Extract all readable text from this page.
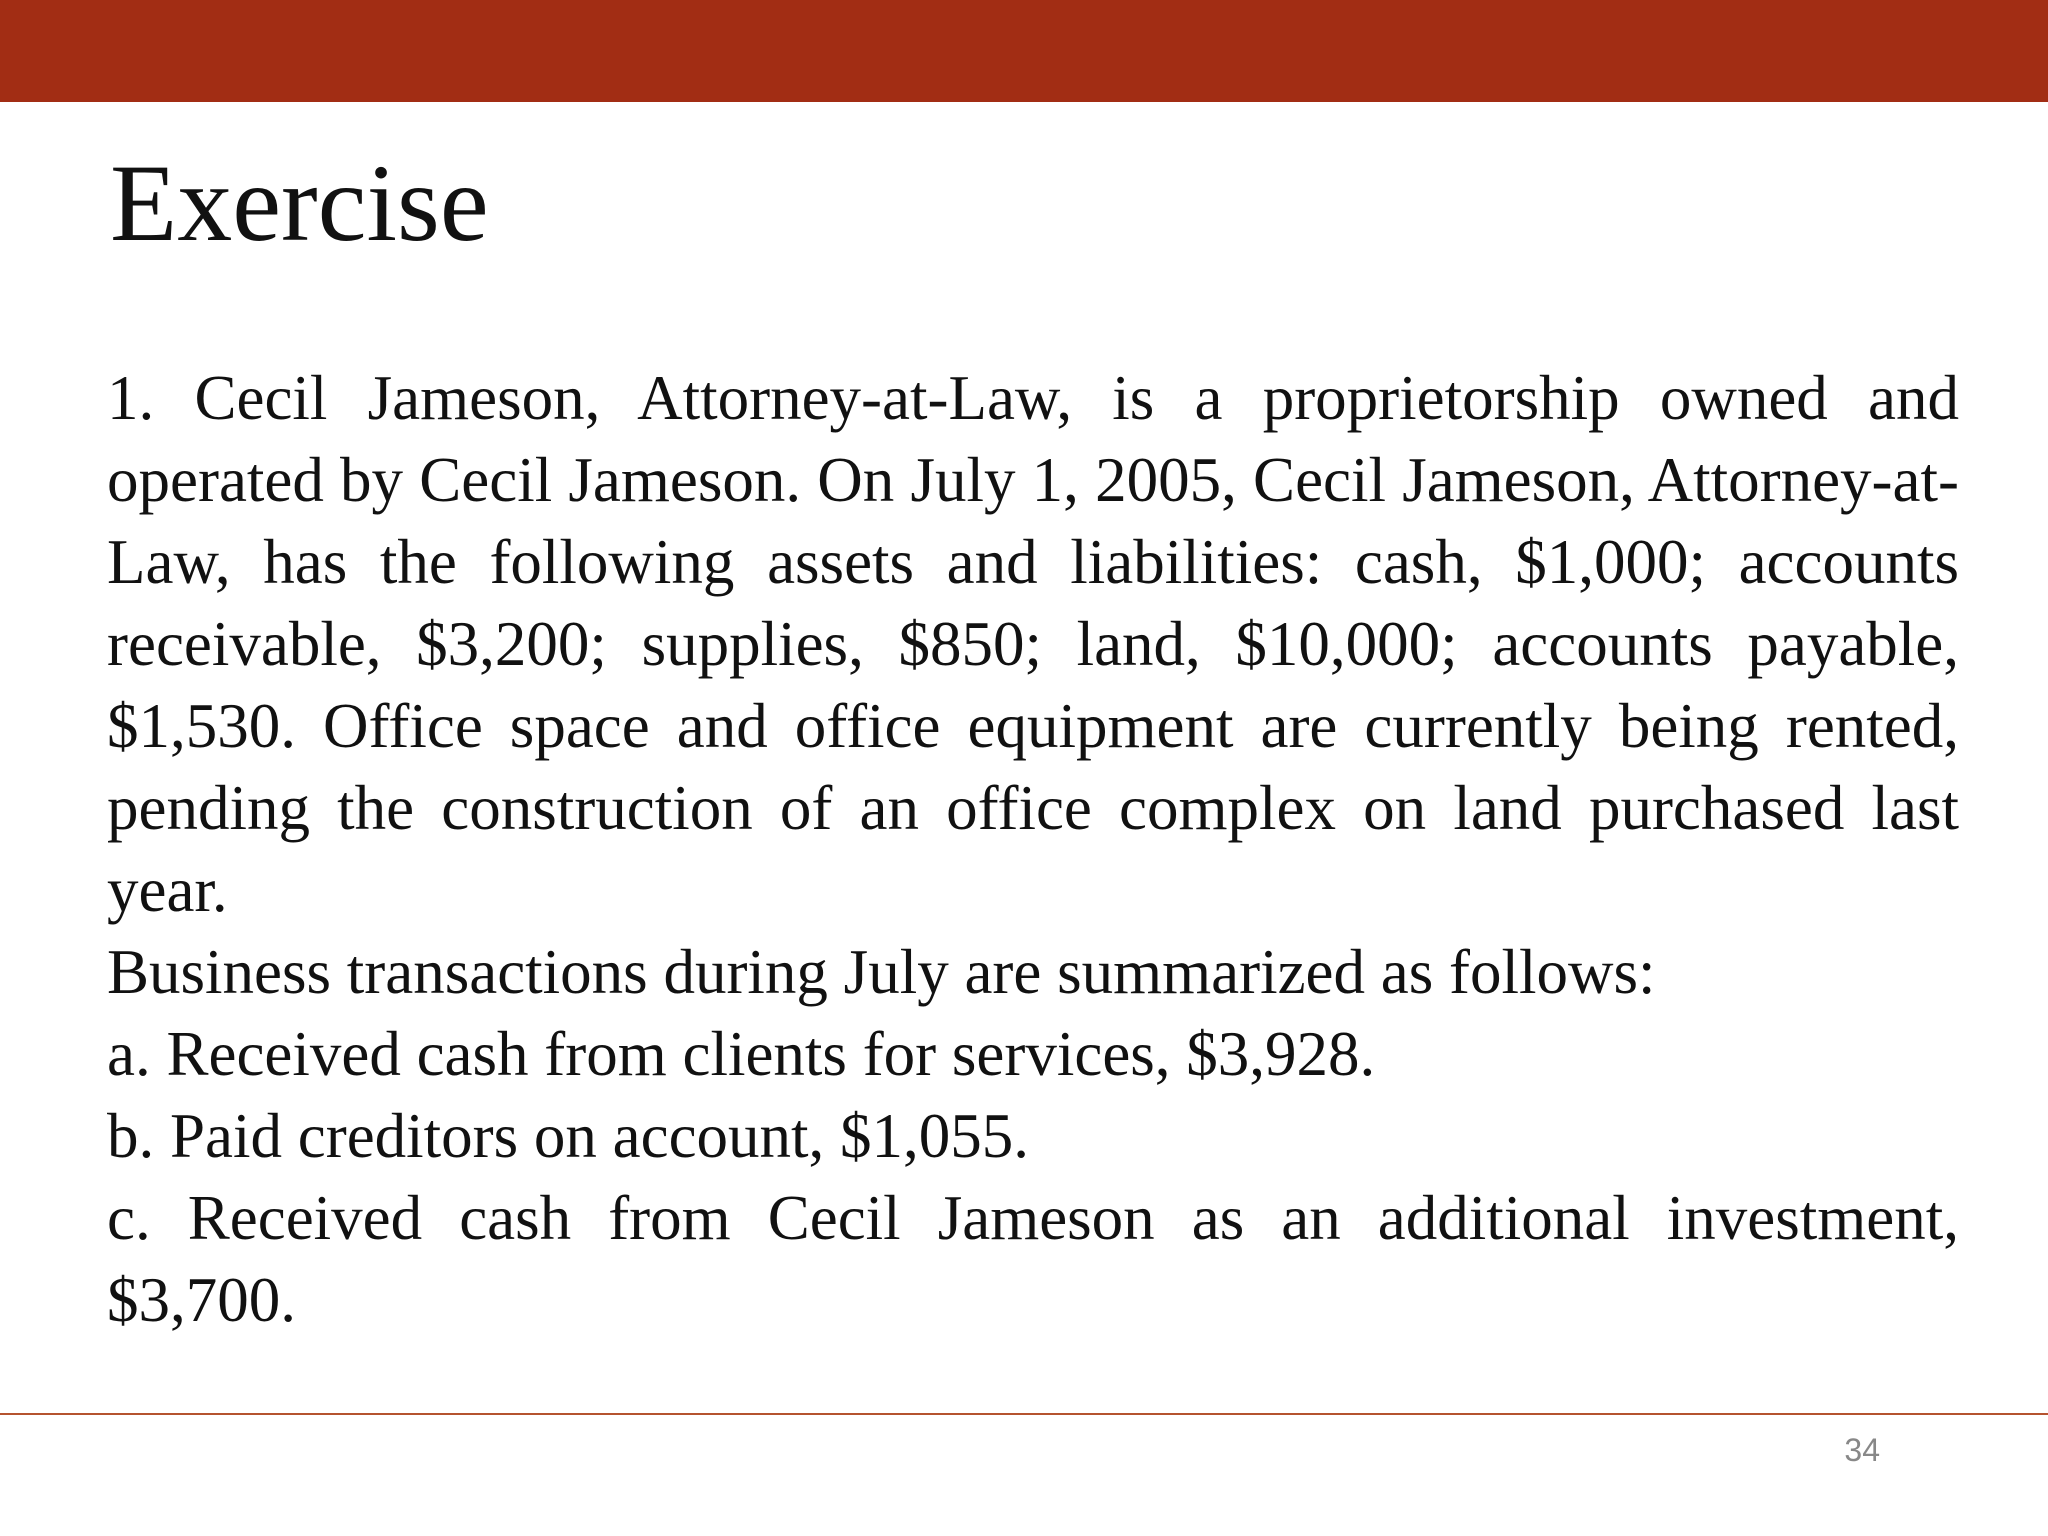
Exercise

1. Cecil Jameson, Attorney-at-Law, is a proprietorship owned and operated by Cecil Jameson. On July 1, 2005, Cecil Jameson, Attorney-at-Law, has the following assets and liabilities: cash, $1,000; accounts receivable, $3,200; supplies, $850; land, $10,000; accounts payable, $1,530. Office space and office equipment are currently being rented, pending the construction of an office complex on land purchased last year.

Business transactions during July are summarized as follows:

a. Received cash from clients for services, $3,928.

b. Paid creditors on account, $1,055.

c. Received cash from Cecil Jameson as an additional investment, $3,700.

34
